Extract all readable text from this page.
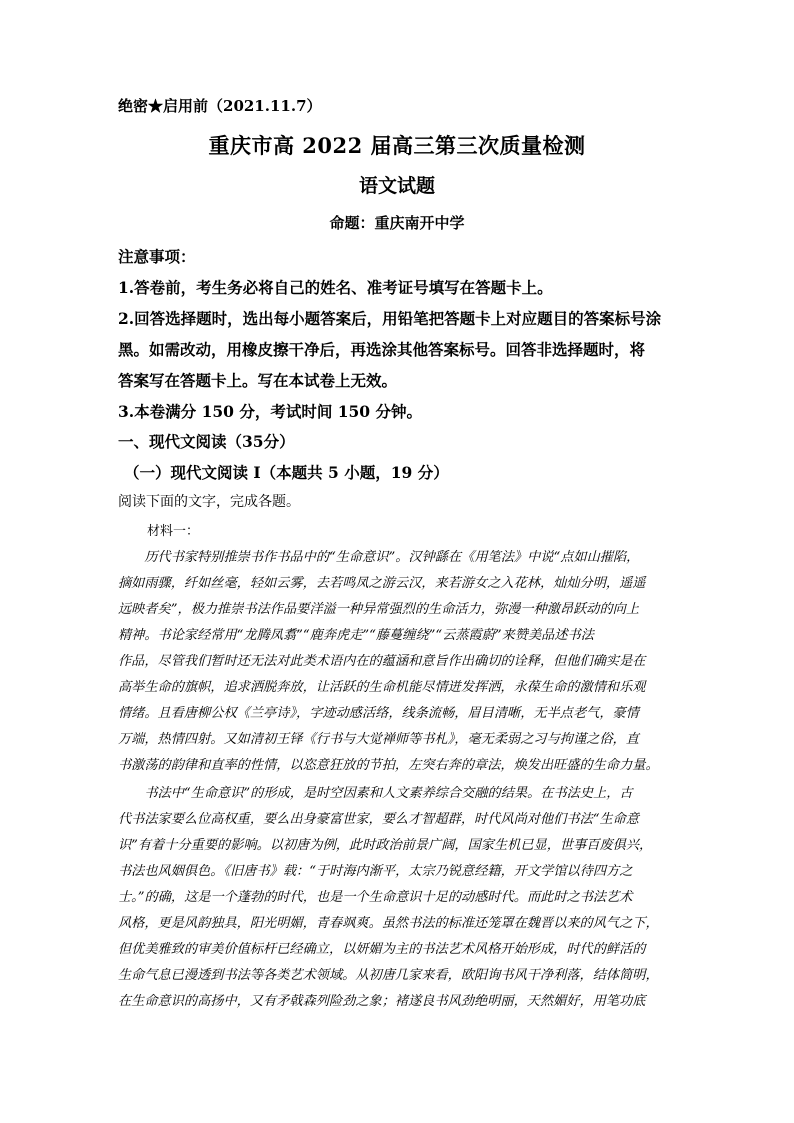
绝密★启用前（2021.11.7）
重庆市高 2022 届高三第三次质量检测
语文试题
命题：重庆南开中学
注意事项：
1.答卷前，考生务必将自己的姓名、准考证号填写在答题卡上。
2.回答选择题时，选出每小题答案后，用铅笔把答题卡上对应题目的答案标号涂
黑。如需改动，用橡皮擦干净后，再选涂其他答案标号。回答非选择题时，将
答案写在答题卡上。写在本试卷上无效。
3.本卷满分 150 分，考试时间 150 分钟。
一、现代文阅读（35分）
（一）现代文阅读 I（本题共 5 小题，19 分）
阅读下面的文字，完成各题。
材料一：
　　历代书家特别推崇书作书品中的“生命意识”。汉钟繇在《用笔法》中说“点如山摧陷，
摘如雨骤，纤如丝毫，轻如云雾，去若鸣凤之游云汉，来若游女之入花林，灿灿分明，遥遥
远映者矣”，极力推崇书法作品要洋溢一种异常强烈的生命活力，弥漫一种激昂跃动的向上
精神。书论家经常用“龙腾凤翥”“鹿奔虎走”“藤蔓缠绕”“云蒸霞蔚”来赞美品述书法
作品，尽管我们暂时还无法对此类术语内在的蕴涵和意旨作出确切的诠释，但他们确实是在
高举生命的旗帜，追求洒脱奔放，让活跃的生命机能尽情迸发挥洒，永葆生命的激情和乐观
情绪。且看唐柳公权《兰亭诗》，字迹动感活络，线条流畅，眉目清晰，无半点老气，豪情
万端，热情四射。又如清初王铎《行书与大觉禅师等书札》，毫无柔弱之习与拘谨之俗，直
书激荡的韵律和直率的性情，以恣意狂放的节拍，左突右奔的章法，焕发出旺盛的生命力量。
　　书法中“生命意识”的形成，是时空因素和人文素养综合交融的结果。在书法史上，古
代书法家要么位高权重，要么出身豪富世家，要么才智超群，时代风尚对他们书法“生命意
识”有着十分重要的影响。以初唐为例，此时政治前景广阔，国家生机已显，世事百废俱兴，
书法也风姻俱色。《旧唐书》载：“于时海内渐平，太宗乃锐意经籍，开文学馆以待四方之
士。”的确，这是一个蓬勃的时代，也是一个生命意识十足的动感时代。而此时之书法艺术
风格，更是风韵独具，阳光明媚，青春飒爽。虽然书法的标准还笼罩在魏晋以来的风气之下，
但优美雅致的审美价值标杆已经确立，以妍媚为主的书法艺术风格开始形成，时代的鲜活的
生命气息已漫透到书法等各类艺术领域。从初唐几家来看，欧阳询书风干净利落，结体简明，
在生命意识的高扬中，又有矛戟森列险劲之象；褚遂良书风劲绝明丽，天然媚好，用笔功底
